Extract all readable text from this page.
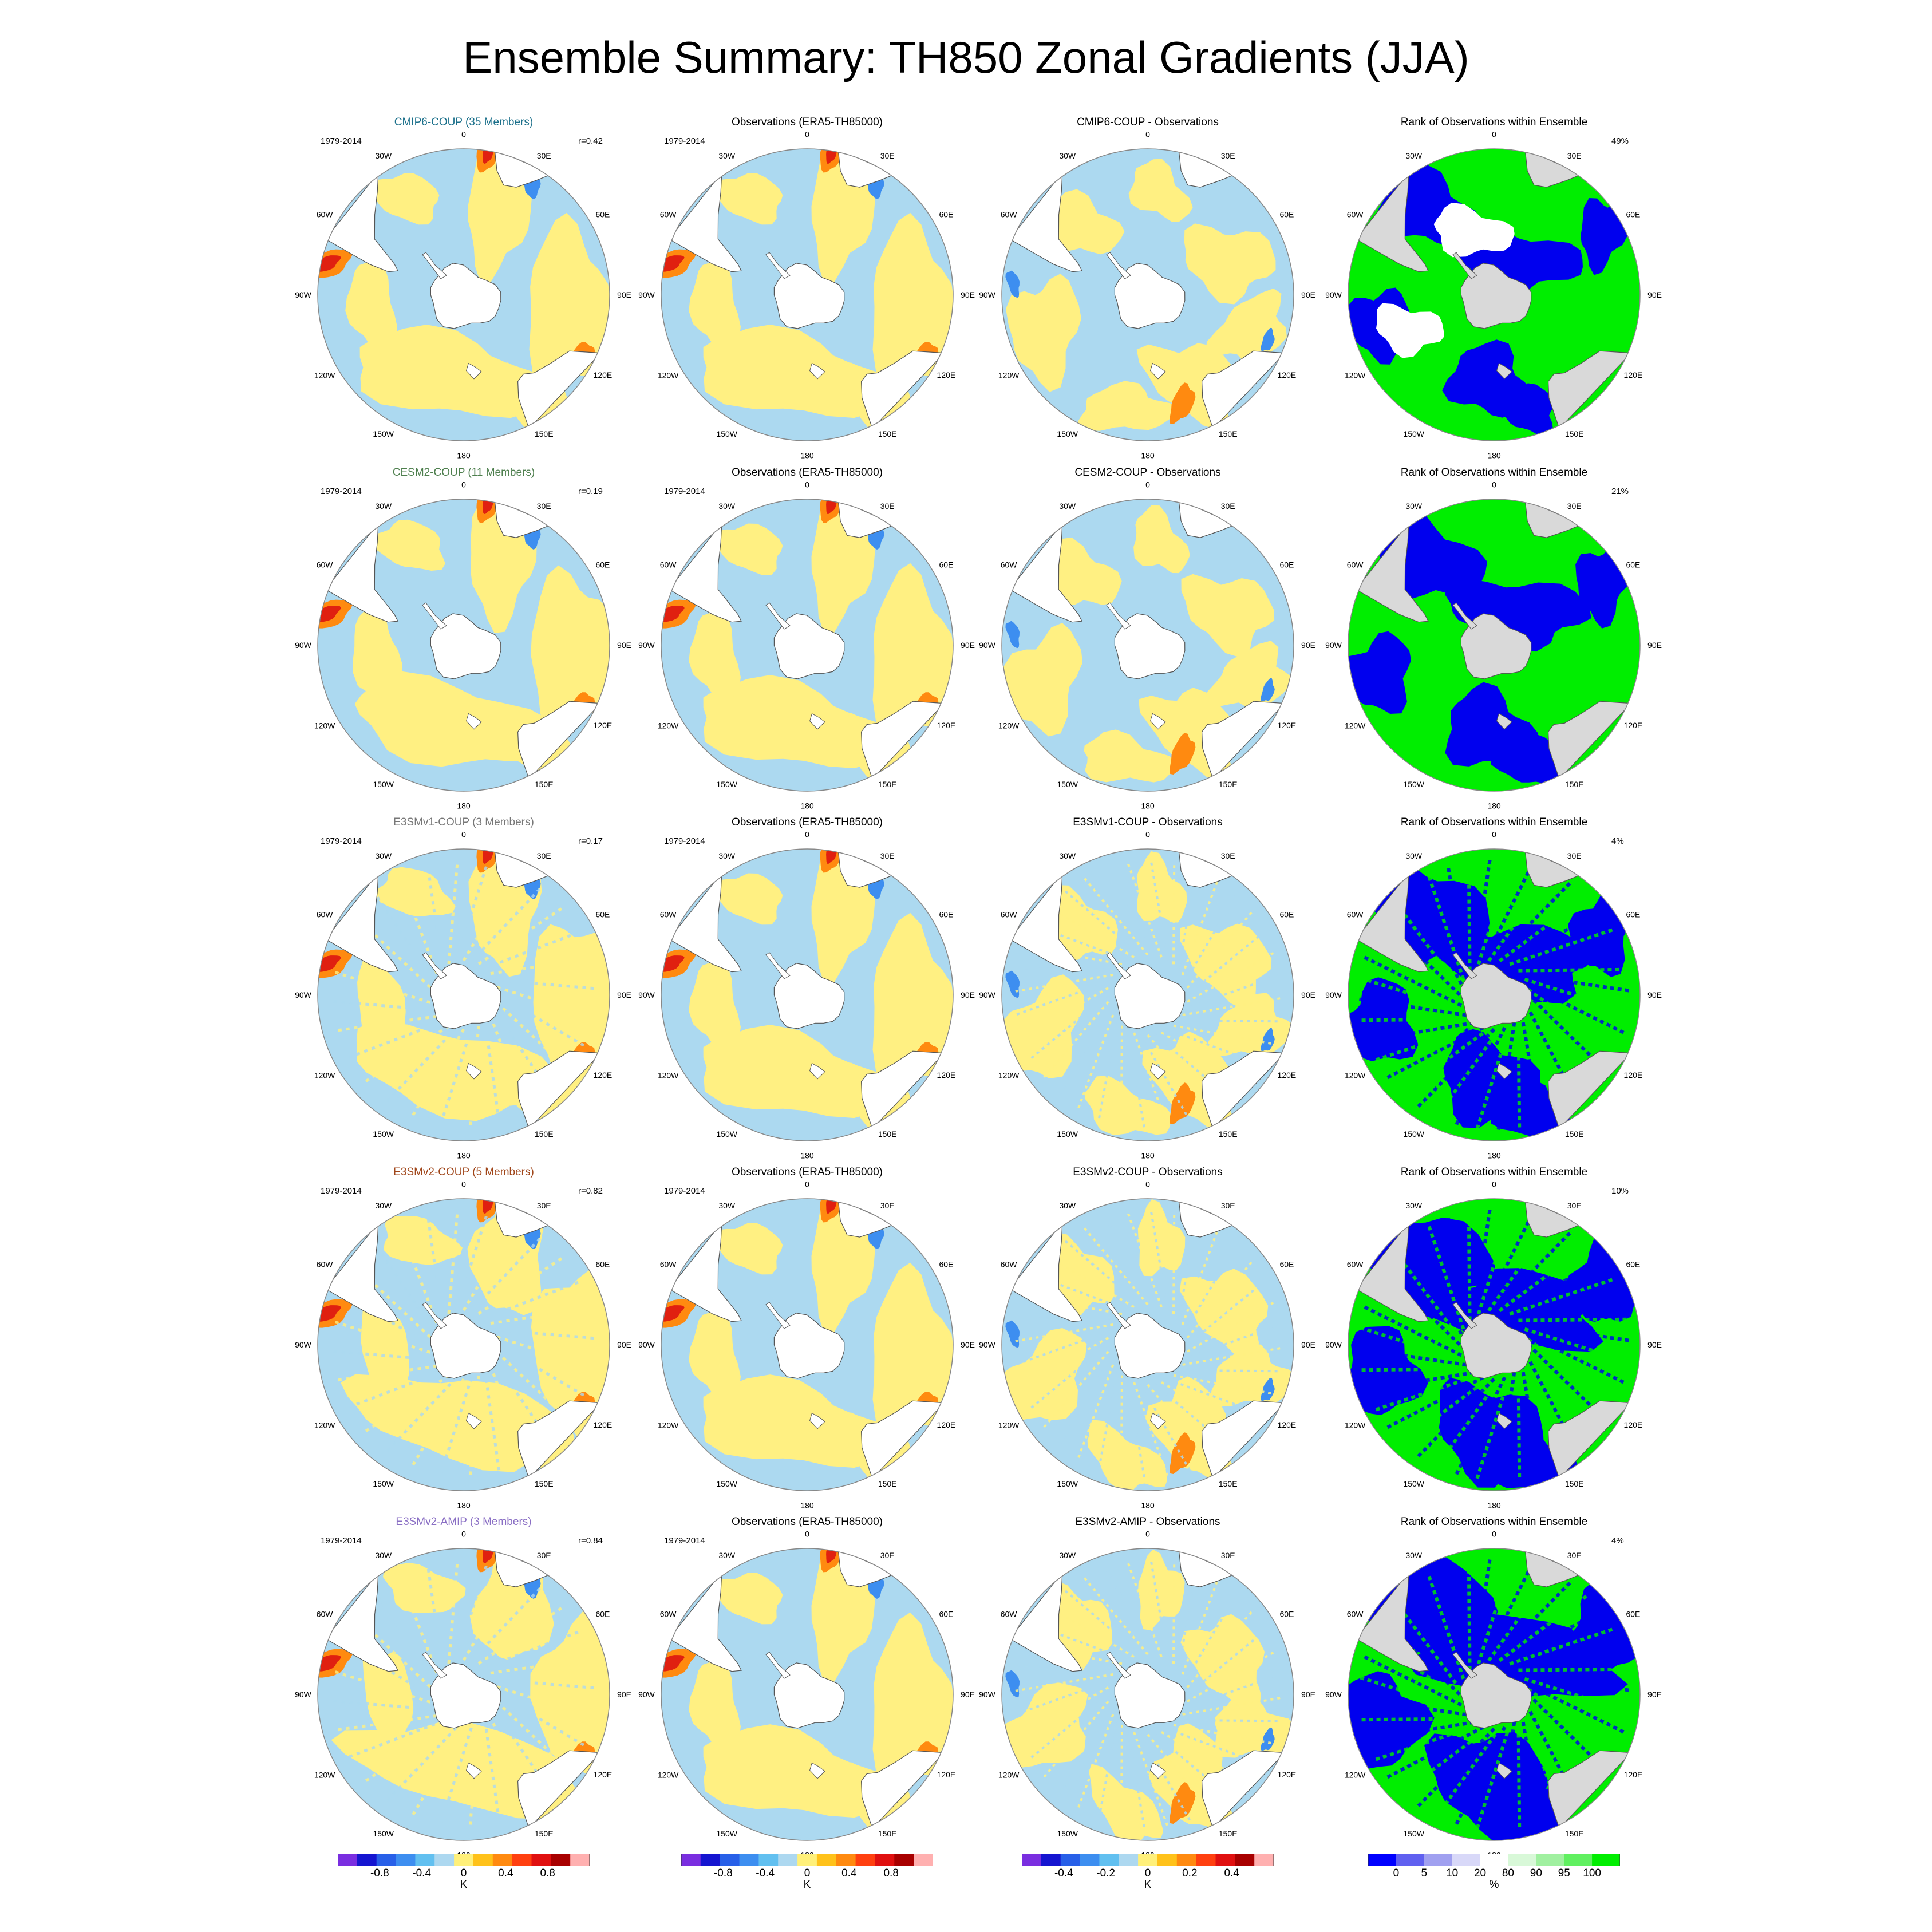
Ensemble Summary: TH850 Zonal Gradients (JJA)
CMIP6-COUP (35 Members)
0
30E
60E
90E
120E
150E
180
150W
120W
90W
60W
30W
1979-2014	r=0.42
Observations (ERA5-TH85000)
0
30E
60E
90E
120E
150E
180
150W
120W
90W
60W
30W
1979-2014
CMIP6-COUP - Observations
0
30E
60E
90E
120E
150E
180
150W
120W
90W
60W
30W
Rank of Observations within Ensemble
0
30E
60E
90E
120E
150E
180
150W
120W
90W
60W
30W
49%
CESM2-COUP (11 Members)
0
30E
60E
90E
120E
150E
180
150W
120W
90W
60W
30W
1979-2014	r=0.19
Observations (ERA5-TH85000)
0
30E
60E
90E
120E
150E
180
150W
120W
90W
60W
30W
1979-2014
CESM2-COUP - Observations
0
30E
60E
90E
120E
150E
180
150W
120W
90W
60W
30W
Rank of Observations within Ensemble
0
30E
60E
90E
120E
150E
180
150W
120W
90W
60W
30W
21%
E3SMv1-COUP (3 Members)
0
30E
60E
90E
120E
150E
180
150W
120W
90W
60W
30W
1979-2014	r=0.17
Observations (ERA5-TH85000)
0
30E
60E
90E
120E
150E
180
150W
120W
90W
60W
30W
1979-2014
E3SMv1-COUP - Observations
0
30E
60E
90E
120E
150E
180
150W
120W
90W
60W
30W
Rank of Observations within Ensemble
0
30E
60E
90E
120E
150E
180
150W
120W
90W
60W
30W
4%
E3SMv2-COUP (5 Members)
0
30E
60E
90E
120E
150E
180
150W
120W
90W
60W
30W
1979-2014	r=0.82
Observations (ERA5-TH85000)
0
30E
60E
90E
120E
150E
180
150W
120W
90W
60W
30W
1979-2014
E3SMv2-COUP - Observations
0
30E
60E
90E
120E
150E
180
150W
120W
90W
60W
30W
Rank of Observations within Ensemble
0
30E
60E
90E
120E
150E
180
150W
120W
90W
60W
30W
10%
E3SMv2-AMIP (3 Members)
0
30E
60E
90E
120E
150E
150W
120W
90W
60W
30W
1979-2014	r=0.84
Observations (ERA5-TH85000)
0
30E
60E
90E
120E
150E
150W
120W
90W
60W
30W
1979-2014
E3SMv2-AMIP - Observations
0
30E
60E
90E
120E
150E
150W
120W
90W
60W
30W
Rank of Observations within Ensemble
0
30E
60E
90E
120E
150E
150W
120W
90W
60W
30W
4%
-0.8	-0.4	0	0.4	0.8
K
-0.8	-0.4	0	0.4	0.8
K
-0.4	-0.2	0	0.2	0.4
K
0	5	10	20	80	90	95	100
%
